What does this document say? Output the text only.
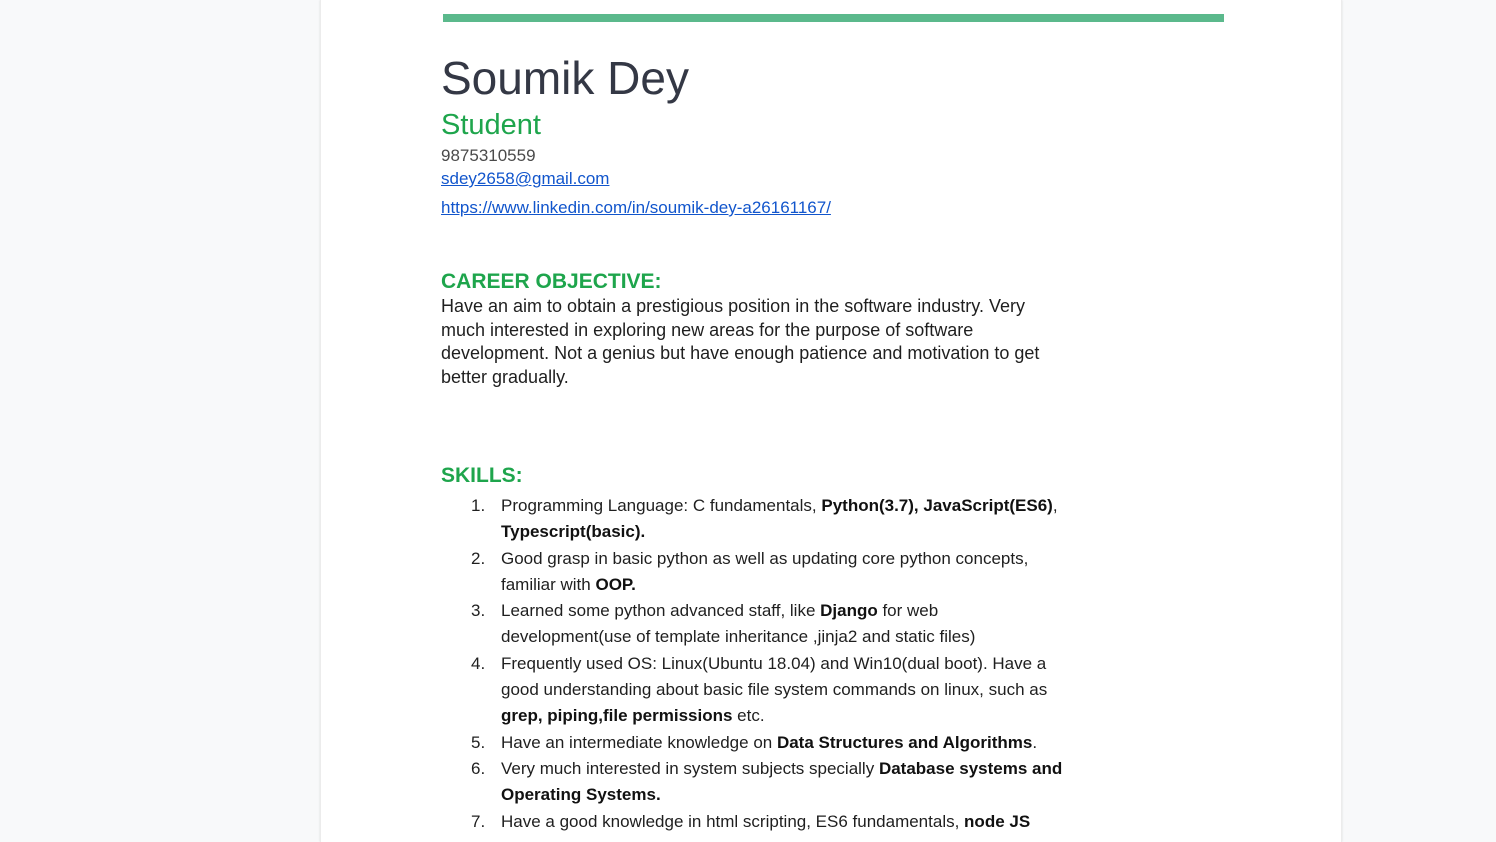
Soumik Dey
Student
9875310559
sdey2658@gmail.com
https://www.linkedin.com/in/soumik-dey-a26161167/
CAREER OBJECTIVE:

Have an aim to obtain a prestigious position in the software industry. Very much interested in exploring new areas for the purpose of software development. Not a genius but have enough patience and motivation to get better gradually.

SKILLS:
1. Programming Language: C fundamentals, Python(3.7), JavaScript(ES6), Typescript(basic).
2. Good grasp in basic python as well as updating core python concepts, familiar with OOP.
3. Learned some python advanced staff, like Django for web development(use of template inheritance ,jinja2 and static files)
4. Frequently used OS: Linux(Ubuntu 18.04) and Win10(dual boot). Have a good understanding about basic file system commands on linux, such as grep, piping,file permissions etc.
5. Have an intermediate knowledge on Data Structures and Algorithms.
6. Very much interested in system subjects specially Database systems and Operating Systems.
7. Have a good knowledge in html scripting, ES6 fundamentals, node JS
